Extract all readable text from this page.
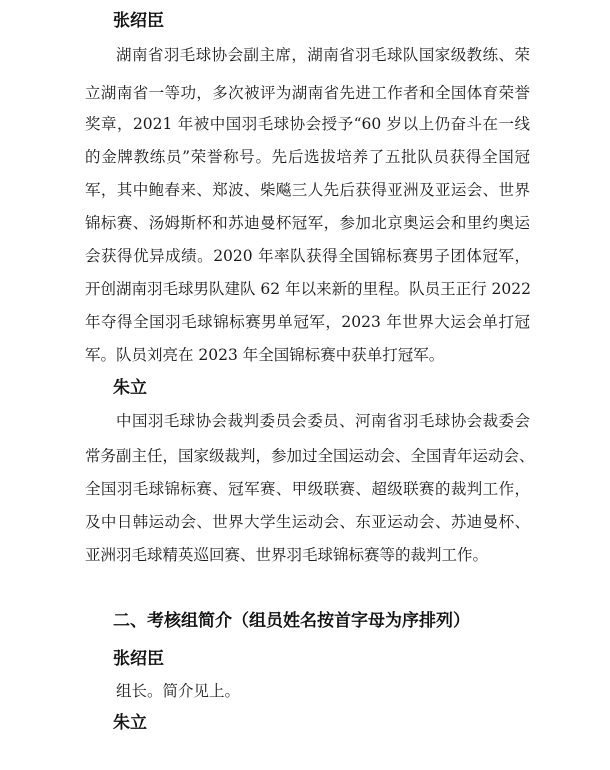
张绍臣
湖南省羽毛球协会副主席，湖南省羽毛球队国家级教练、荣
立湖南省一等功，多次被评为湖南省先进工作者和全国体育荣誉
奖章，2021 年被中国羽毛球协会授予“60 岁以上仍奋斗在一线
的金牌教练员”荣誉称号。先后选拔培养了五批队员获得全国冠
军，其中鲍春来、郑波、柴飚三人先后获得亚洲及亚运会、世界
锦标赛、汤姆斯杯和苏迪曼杯冠军，参加北京奥运会和里约奥运
会获得优异成绩。2020 年率队获得全国锦标赛男子团体冠军，
开创湖南羽毛球男队建队 62 年以来新的里程。队员王正行 2022
年夺得全国羽毛球锦标赛男单冠军，2023 年世界大运会单打冠
军。队员刘亮在 2023 年全国锦标赛中获单打冠军。
朱立
中国羽毛球协会裁判委员会委员、河南省羽毛球协会裁委会
常务副主任，国家级裁判，参加过全国运动会、全国青年运动会、
全国羽毛球锦标赛、冠军赛、甲级联赛、超级联赛的裁判工作，
及中日韩运动会、世界大学生运动会、东亚运动会、苏迪曼杯、
亚洲羽毛球精英巡回赛、世界羽毛球锦标赛等的裁判工作。
二、考核组简介（组员姓名按首字母为序排列）
张绍臣
组长。简介见上。
朱立
